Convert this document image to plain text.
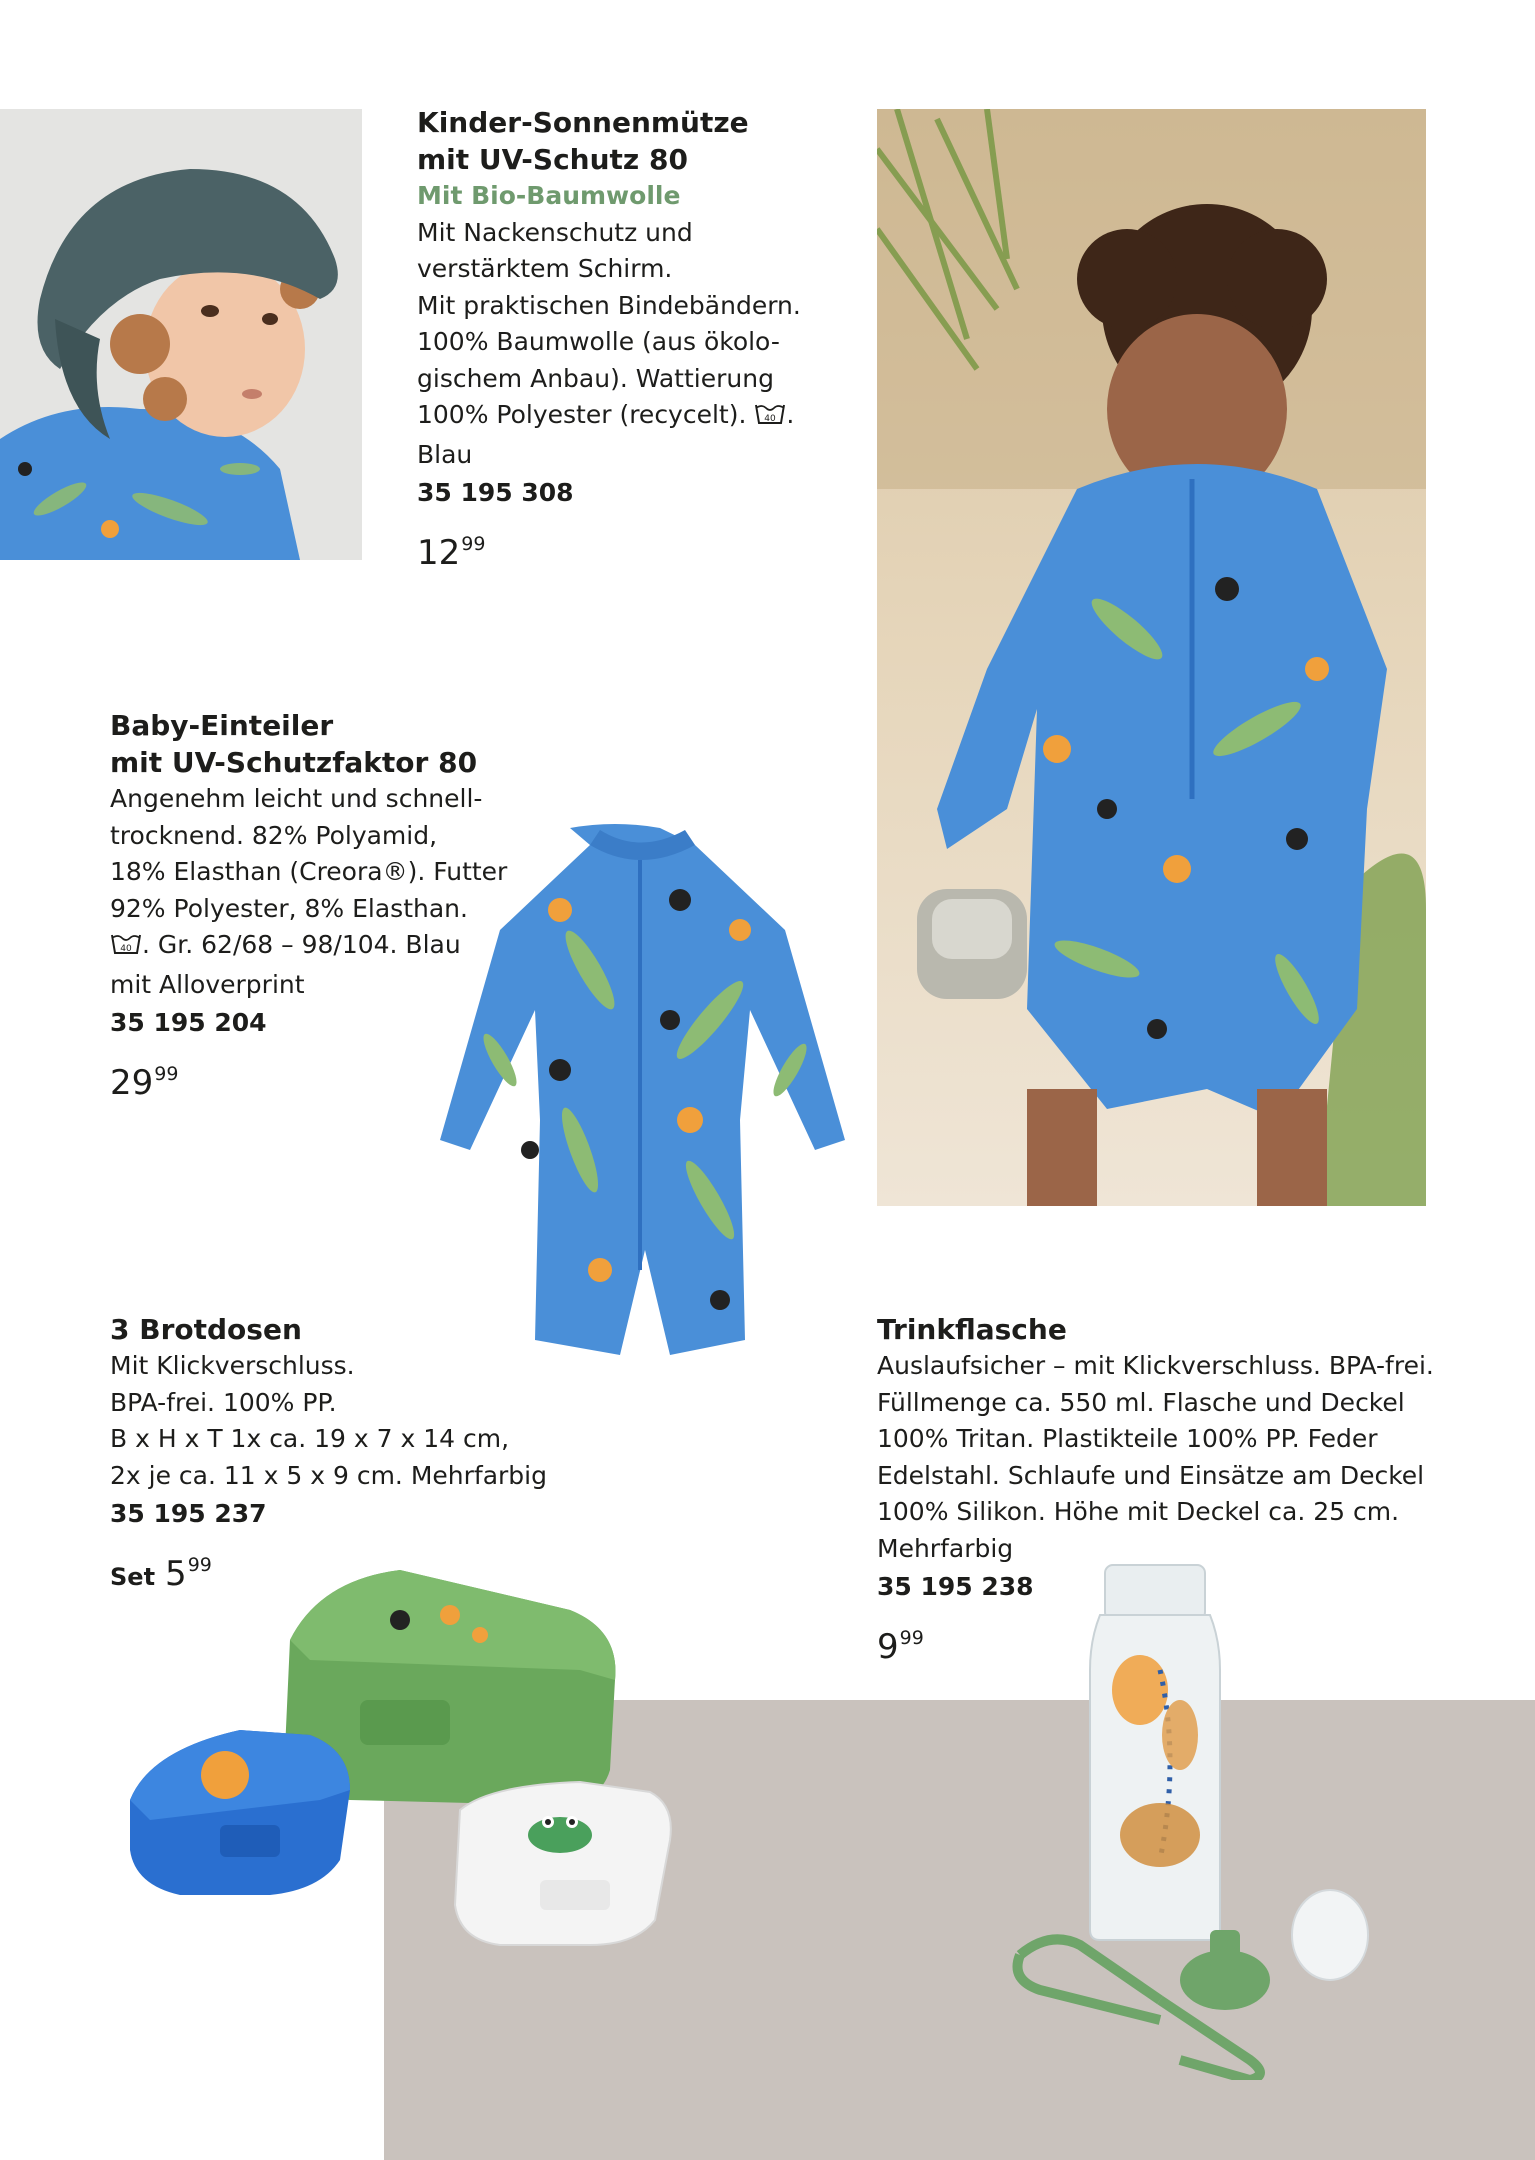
Kinder-Sonnenmütze
mit UV-Schutz 80
Mit Bio-Baumwolle
Mit Nackenschutz und
verstärktem Schirm.
Mit praktischen Bindebändern.
100% Baumwolle (aus ökolo-
gischem Anbau). Wattierung
100% Polyester (recycelt). 40 .
Blau
35 195 308
$12^{99}$
Baby-Einteiler
mit UV-Schutzfaktor 80
Angenehm leicht und schnell-
trocknend. 82% Polyamid,
18% Elasthan (Creora®). Futter
92% Polyester, 8% Elasthan.
40 . Gr. 62/68 – 98/104. Blau
mit Alloverprint
35 195 204
$29^{99}$
3 Brotdosen
Mit Klickverschluss.
BPA-frei. 100% PP.
B x H x T 1x ca. 19 x 7 x 14 cm,
2x je ca. 11 x 5 x 9 cm. Mehrfarbig
35 195 237
Set $5^{99}$
Trinkflasche
Auslaufsicher – mit Klickverschluss. BPA-frei.
Füllmenge ca. 550 ml. Flasche und Deckel
100% Tritan. Plastikteile 100% PP. Feder
Edelstahl. Schlaufe und Einsätze am Deckel
100% Silikon. Höhe mit Deckel ca. 25 cm.
Mehrfarbig
35 195 238
$9^{99}$
